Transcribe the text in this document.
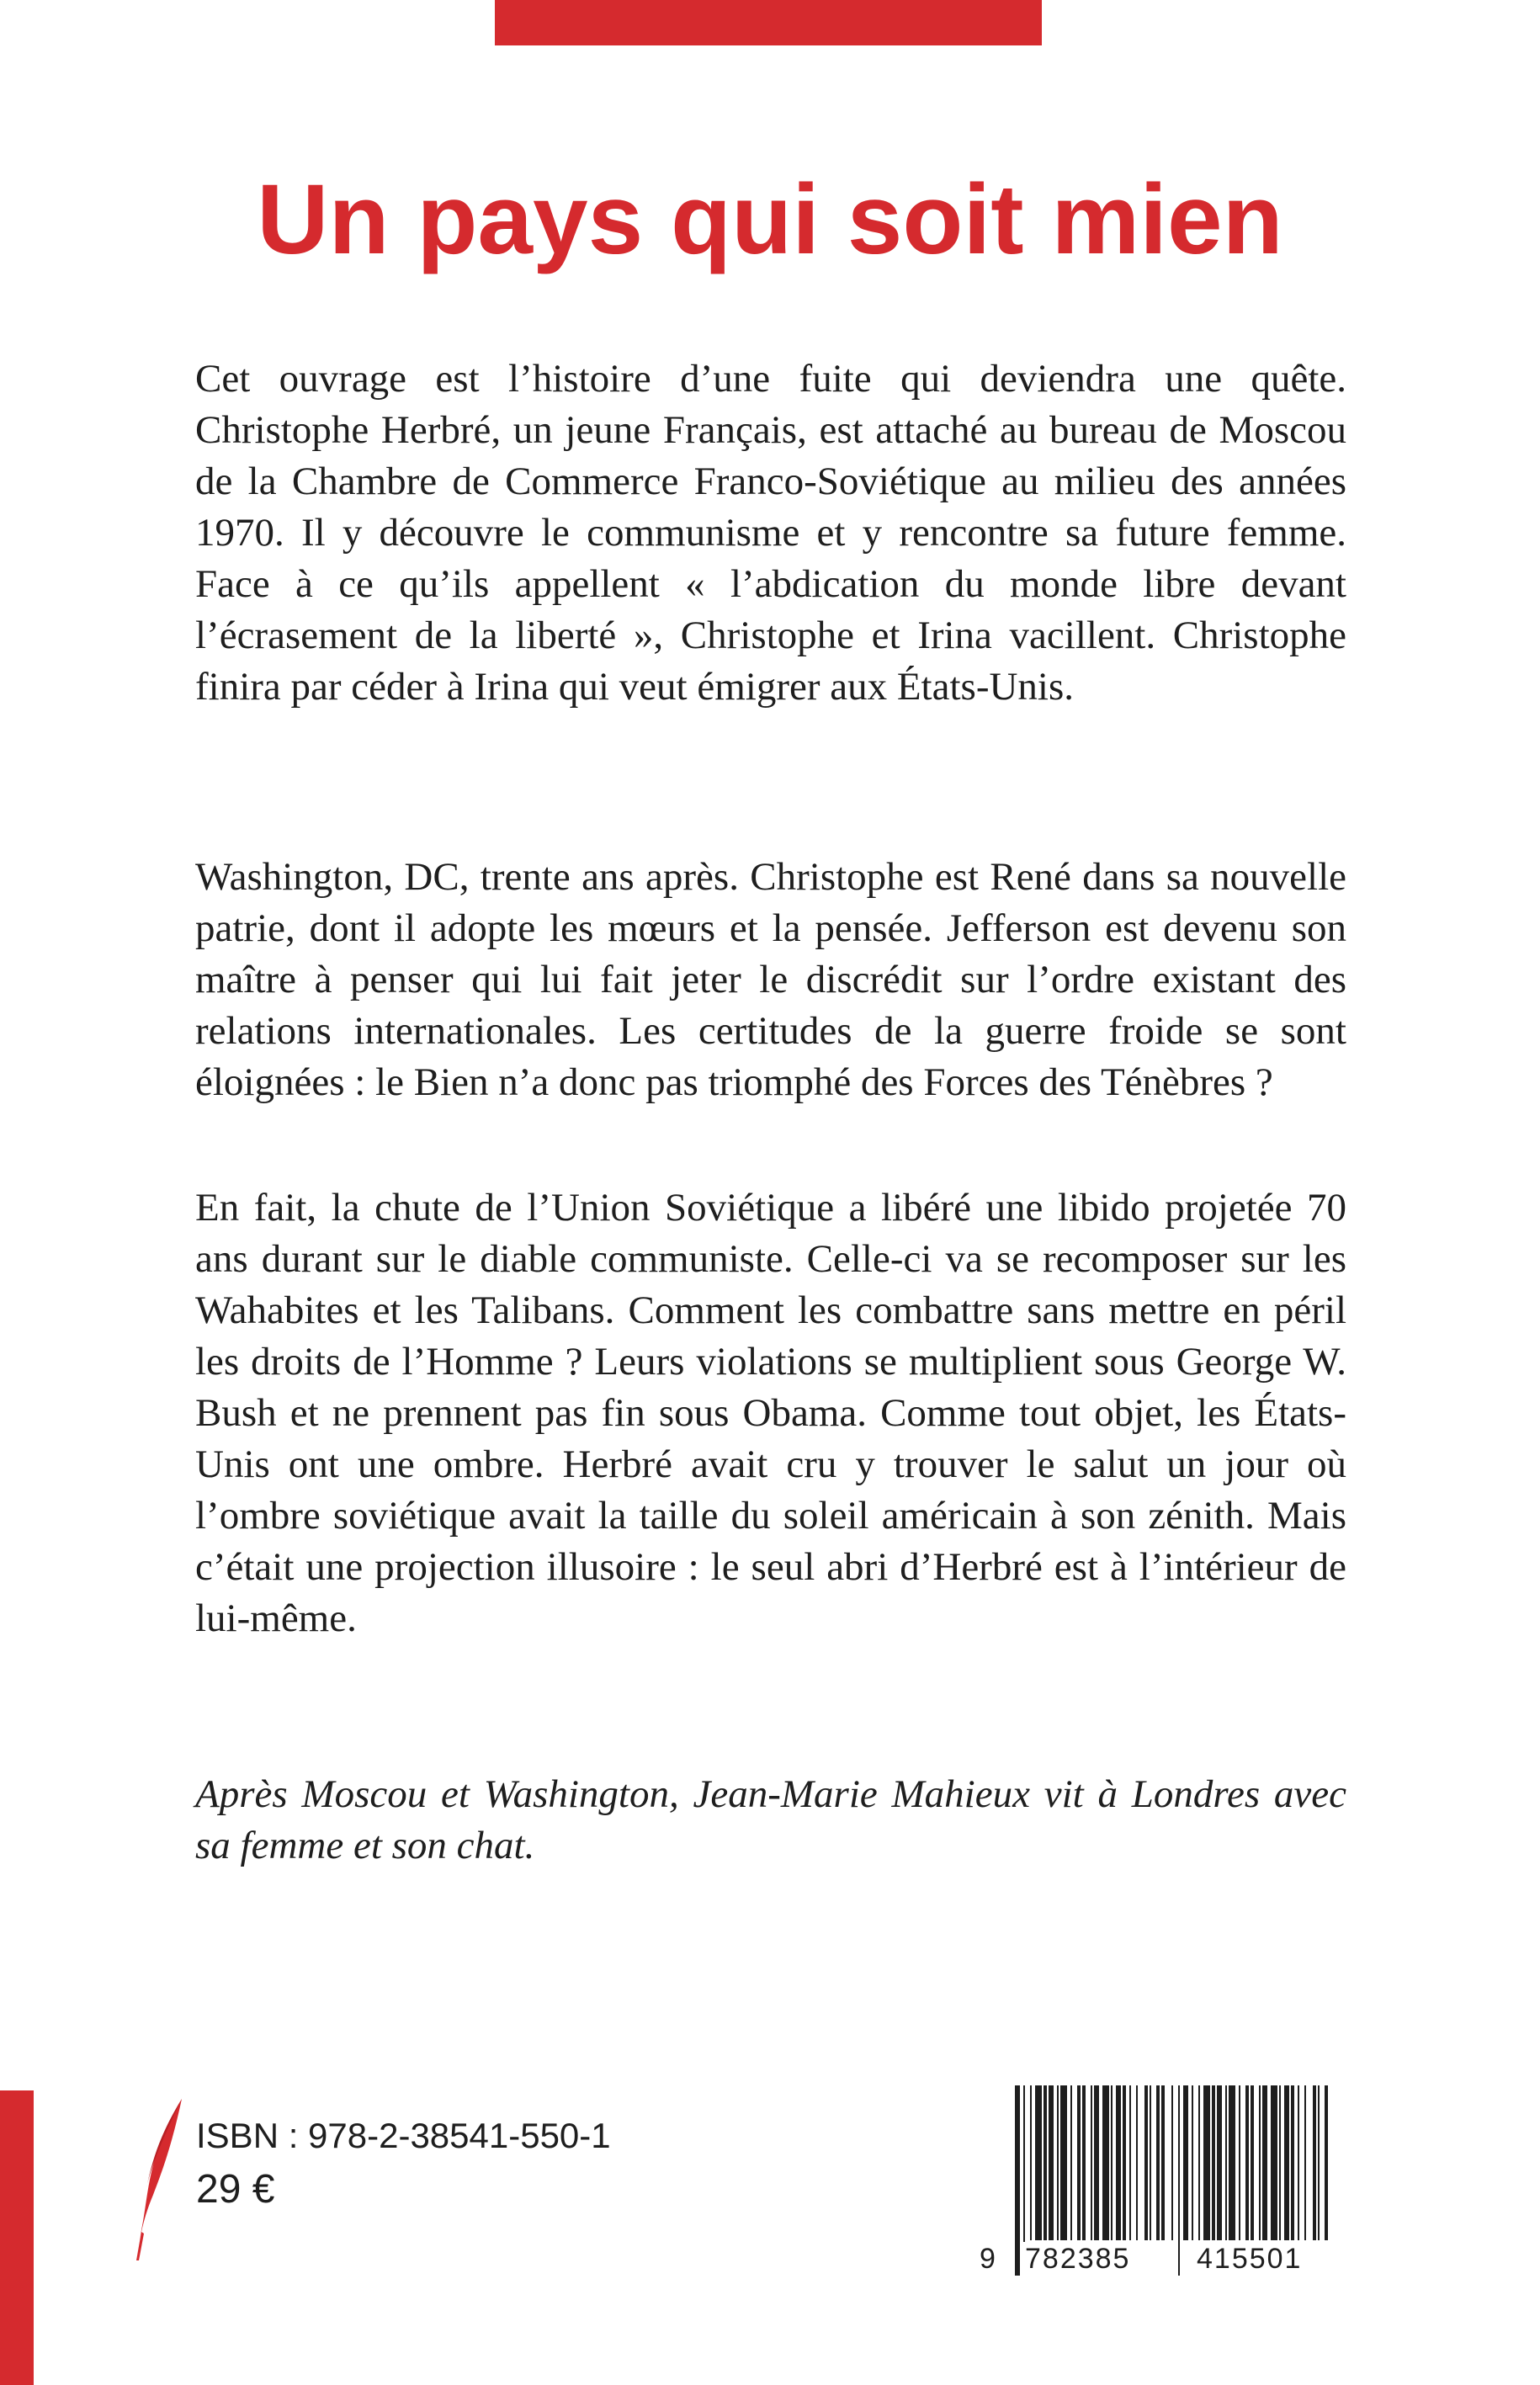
Un pays qui soit mien

Cet ouvrage est l’histoire d’une fuite qui deviendra une quête. Christophe Herbré, un jeune Français, est attaché au bureau de Moscou de la Chambre de Commerce Franco-Soviétique au milieu des années 1970. Il y découvre le communisme et y rencontre sa future femme. Face à ce qu’ils appellent « l’abdication du monde libre devant l’écrasement de la liberté », Christophe et Irina vacillent. Christophe finira par céder à Irina qui veut émigrer aux États-Unis.

Washington, DC, trente ans après. Christophe est René dans sa nouvelle patrie, dont il adopte les mœurs et la pensée. Jefferson est devenu son maître à penser qui lui fait jeter le discrédit sur l’ordre existant des relations internationales. Les certitudes de la guerre froide se sont éloignées : le Bien n’a donc pas triomphé des Forces des Ténèbres ?

En fait, la chute de l’Union Soviétique a libéré une libido projetée 70 ans durant sur le diable communiste. Celle-ci va se recomposer sur les Wahabites et les Talibans. Comment les combattre sans mettre en péril les droits de l’Homme ? Leurs violations se multiplient sous George W. Bush et ne prennent pas fin sous Obama. Comme tout objet, les États-Unis ont une ombre. Herbré avait cru y trouver le salut un jour où l’ombre soviétique avait la taille du soleil américain à son zénith. Mais c’était une projection illusoire : le seul abri d’Herbré est à l’intérieur de lui-même.

Après Moscou et Washington, Jean-Marie Mahieux vit à Londres avec sa femme et son chat.

ISBN : 978-2-38541-550-1

29 €

9 782385 415501
